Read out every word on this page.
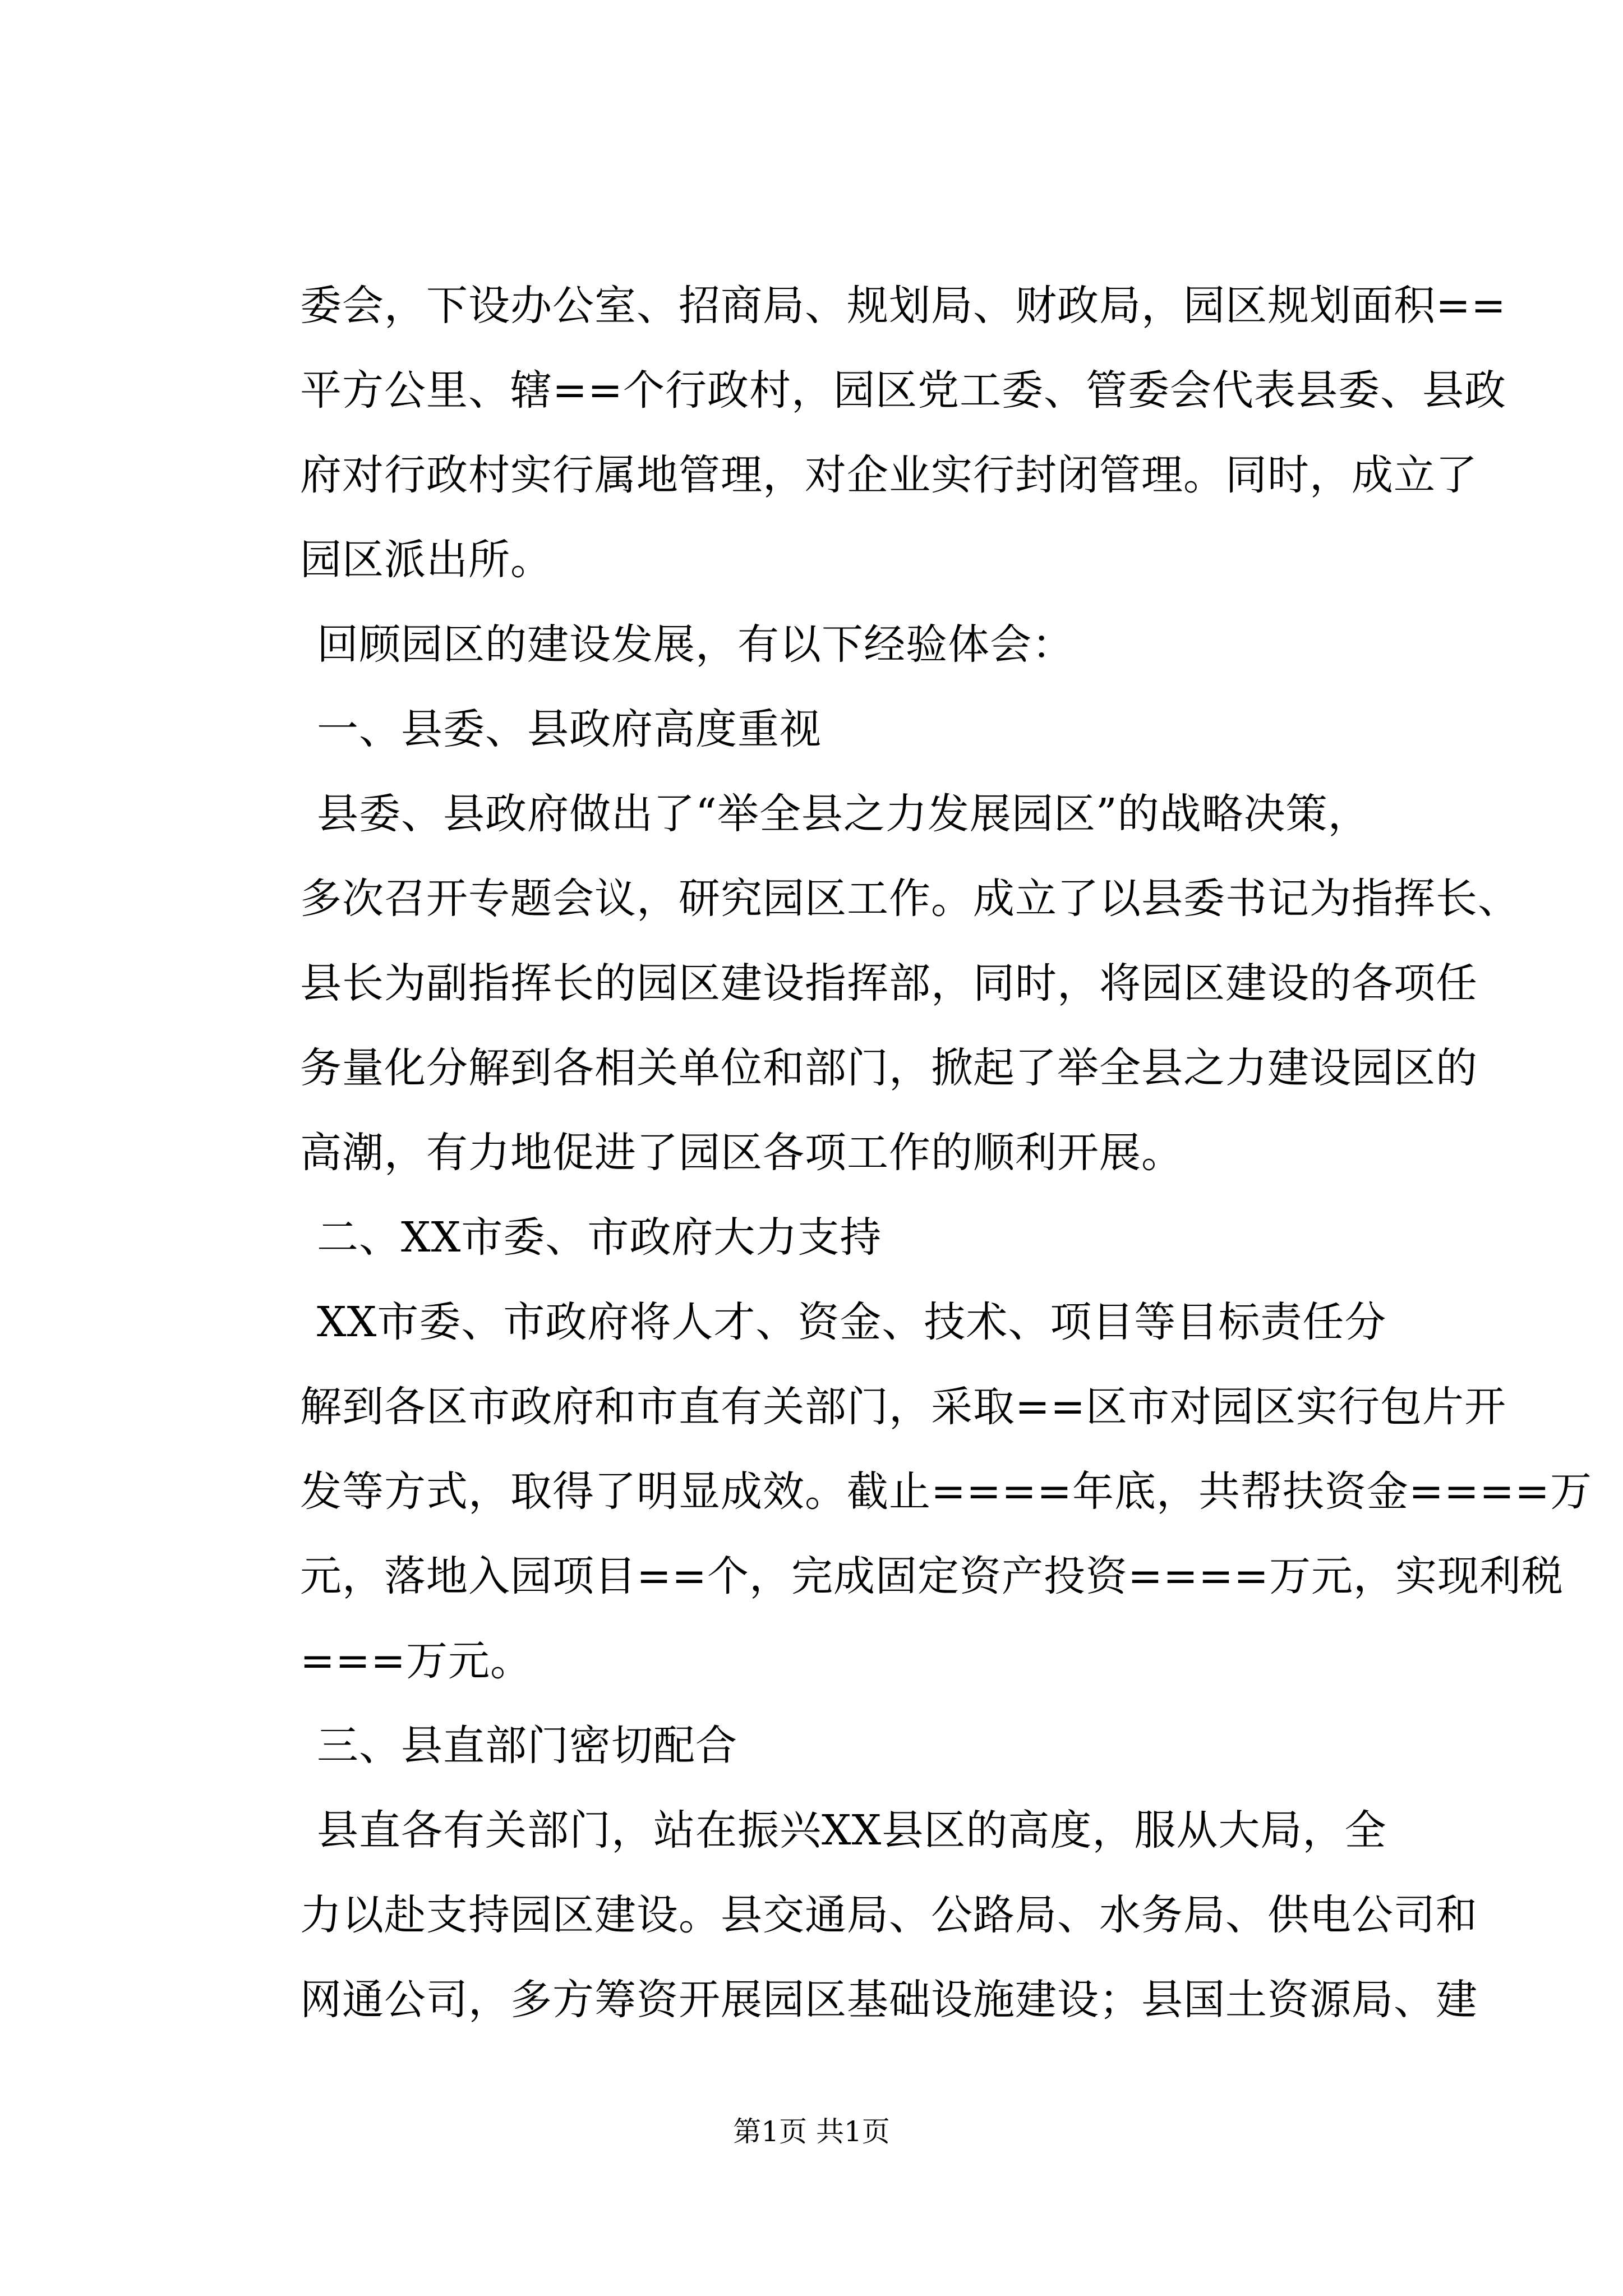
委会，下设办公室、招商局、规划局、财政局，园区规划面积==
平方公里、辖==个行政村，园区党工委、管委会代表县委、县政
府对行政村实行属地管理，对企业实行封闭管理。同时，成立了
园区派出所。
回顾园区的建设发展，有以下经验体会：
一、县委、县政府高度重视
县委、县政府做出了“举全县之力发展园区”的战略决策，
多次召开专题会议，研究园区工作。成立了以县委书记为指挥长、
县长为副指挥长的园区建设指挥部，同时，将园区建设的各项任
务量化分解到各相关单位和部门，掀起了举全县之力建设园区的
高潮，有力地促进了园区各项工作的顺利开展。
二、XX市委、市政府大力支持
XX市委、市政府将人才、资金、技术、项目等目标责任分
解到各区市政府和市直有关部门，采取==区市对园区实行包片开
发等方式，取得了明显成效。截止====年底，共帮扶资金====万
元，落地入园项目==个，完成固定资产投资====万元，实现利税
===万元。
三、县直部门密切配合
县直各有关部门，站在振兴XX县区的高度，服从大局，全
力以赴支持园区建设。县交通局、公路局、水务局、供电公司和
网通公司，多方筹资开展园区基础设施建设；县国土资源局、建
第1页 共1页
